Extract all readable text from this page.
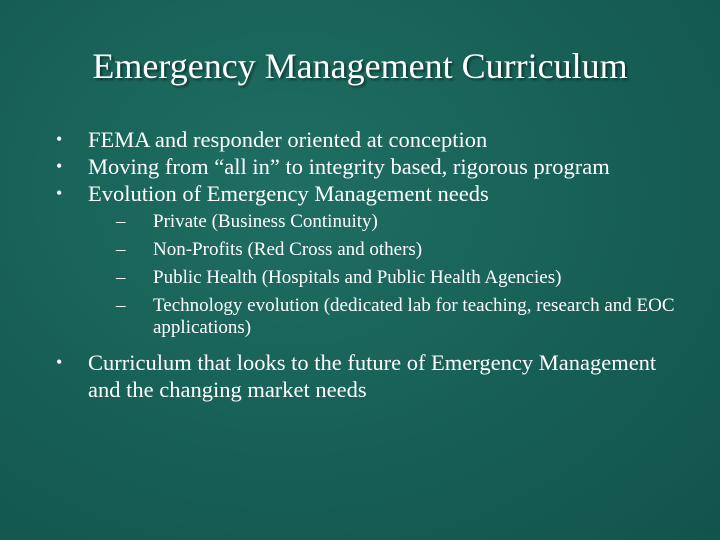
Emergency Management Curriculum
• FEMA and responder oriented at conception
• Moving from “all in” to integrity based, rigorous program
• Evolution of Emergency Management needs
– Private (Business Continuity)
– Non-Profits (Red Cross and others)
– Public Health (Hospitals and Public Health Agencies)
– Technology evolution (dedicated lab for teaching, research and EOC applications)
• Curriculum that looks to the future of Emergency Management and the changing market needs
